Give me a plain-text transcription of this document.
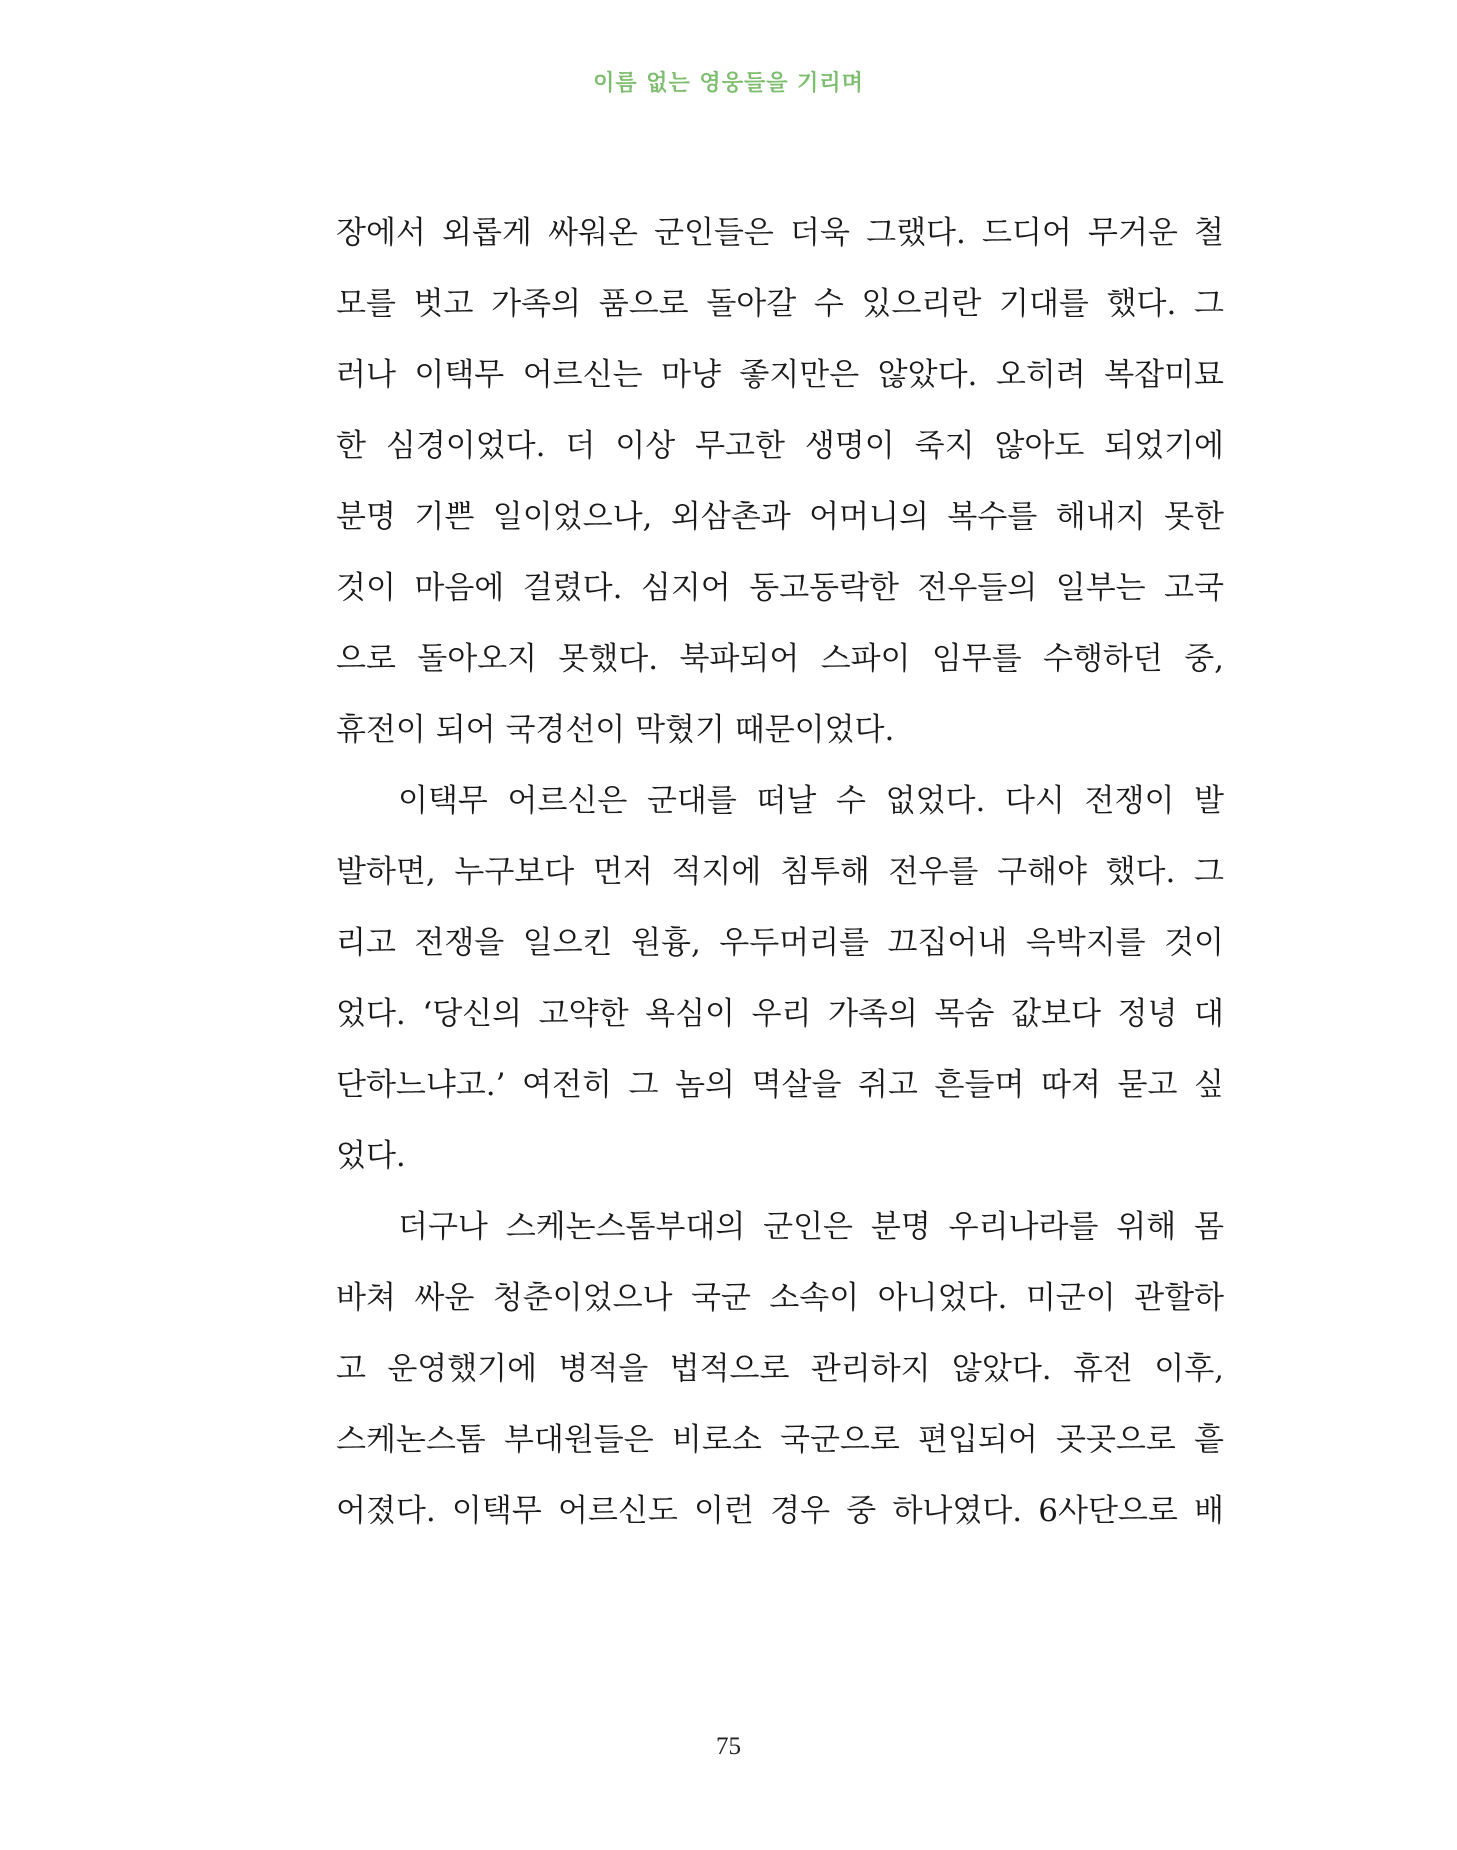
이름 없는 영웅들을 기리며
장에서 외롭게 싸워온 군인들은 더욱 그랬다. 드디어 무거운 철
모를 벗고 가족의 품으로 돌아갈 수 있으리란 기대를 했다. 그
러나 이택무 어르신는 마냥 좋지만은 않았다. 오히려 복잡미묘
한 심경이었다. 더 이상 무고한 생명이 죽지 않아도 되었기에
분명 기쁜 일이었으나, 외삼촌과 어머니의 복수를 해내지 못한
것이 마음에 걸렸다. 심지어 동고동락한 전우들의 일부는 고국
으로 돌아오지 못했다. 북파되어 스파이 임무를 수행하던 중,
휴전이 되어 국경선이 막혔기 때문이었다.
이택무 어르신은 군대를 떠날 수 없었다. 다시 전쟁이 발
발하면, 누구보다 먼저 적지에 침투해 전우를 구해야 했다. 그
리고 전쟁을 일으킨 원흉, 우두머리를 끄집어내 윽박지를 것이
었다. ‘당신의 고약한 욕심이 우리 가족의 목숨 값보다 정녕 대
단하느냐고.’ 여전히 그 놈의 멱살을 쥐고 흔들며 따져 묻고 싶
었다.
더구나 스케논스톰부대의 군인은 분명 우리나라를 위해 몸
바쳐 싸운 청춘이었으나 국군 소속이 아니었다. 미군이 관할하
고 운영했기에 병적을 법적으로 관리하지 않았다. 휴전 이후,
스케논스톰 부대원들은 비로소 국군으로 편입되어 곳곳으로 흩
어졌다. 이택무 어르신도 이런 경우 중 하나였다. 6사단으로 배
75
